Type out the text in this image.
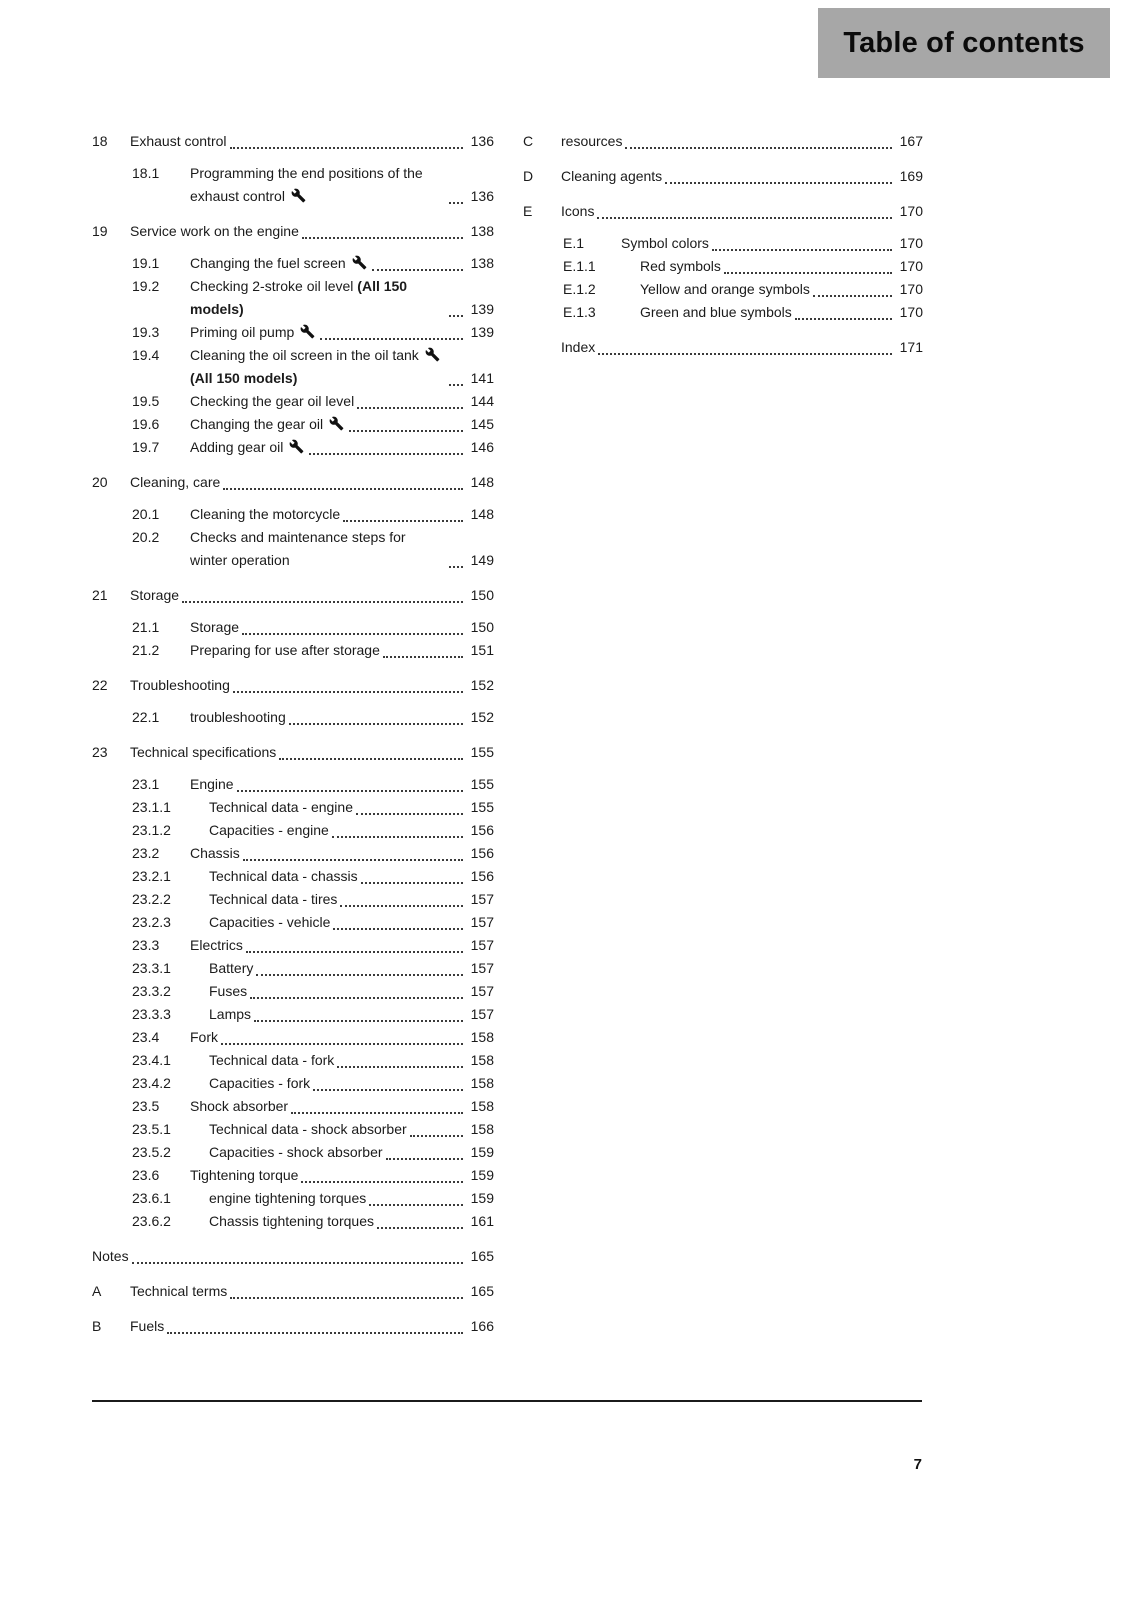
Table of contents
18	Exhaust control	136
18.1	Programming the end positions of the exhaust control	136
19	Service work on the engine	138
19.1	Changing the fuel screen	138
19.2	Checking 2-stroke oil level (All 150 models)	139
19.3	Priming oil pump	139
19.4	Cleaning the oil screen in the oil tank  (All 150 models)	141
19.5	Checking the gear oil level	144
19.6	Changing the gear oil	145
19.7	Adding gear oil	146
20	Cleaning, care	148
20.1	Cleaning the motorcycle	148
20.2	Checks and maintenance steps for winter operation	149
21	Storage	150
21.1	Storage	150
21.2	Preparing for use after storage	151
22	Troubleshooting	152
22.1	troubleshooting	152
23	Technical specifications	155
23.1	Engine	155
23.1.1	Technical data - engine	155
23.1.2	Capacities - engine	156
23.2	Chassis	156
23.2.1	Technical data - chassis	156
23.2.2	Technical data - tires	157
23.2.3	Capacities - vehicle	157
23.3	Electrics	157
23.3.1	Battery	157
23.3.2	Fuses	157
23.3.3	Lamps	157
23.4	Fork	158
23.4.1	Technical data - fork	158
23.4.2	Capacities - fork	158
23.5	Shock absorber	158
23.5.1	Technical data - shock absorber	158
23.5.2	Capacities - shock absorber	159
23.6	Tightening torque	159
23.6.1	engine tightening torques	159
23.6.2	Chassis tightening torques	161
Notes	165
A	Technical terms	165
B	Fuels	166
C	resources	167
D	Cleaning agents	169
E	Icons	170
E.1	Symbol colors	170
E.1.1	Red symbols	170
E.1.2	Yellow and orange symbols	170
E.1.3	Green and blue symbols	170
Index	171
7
